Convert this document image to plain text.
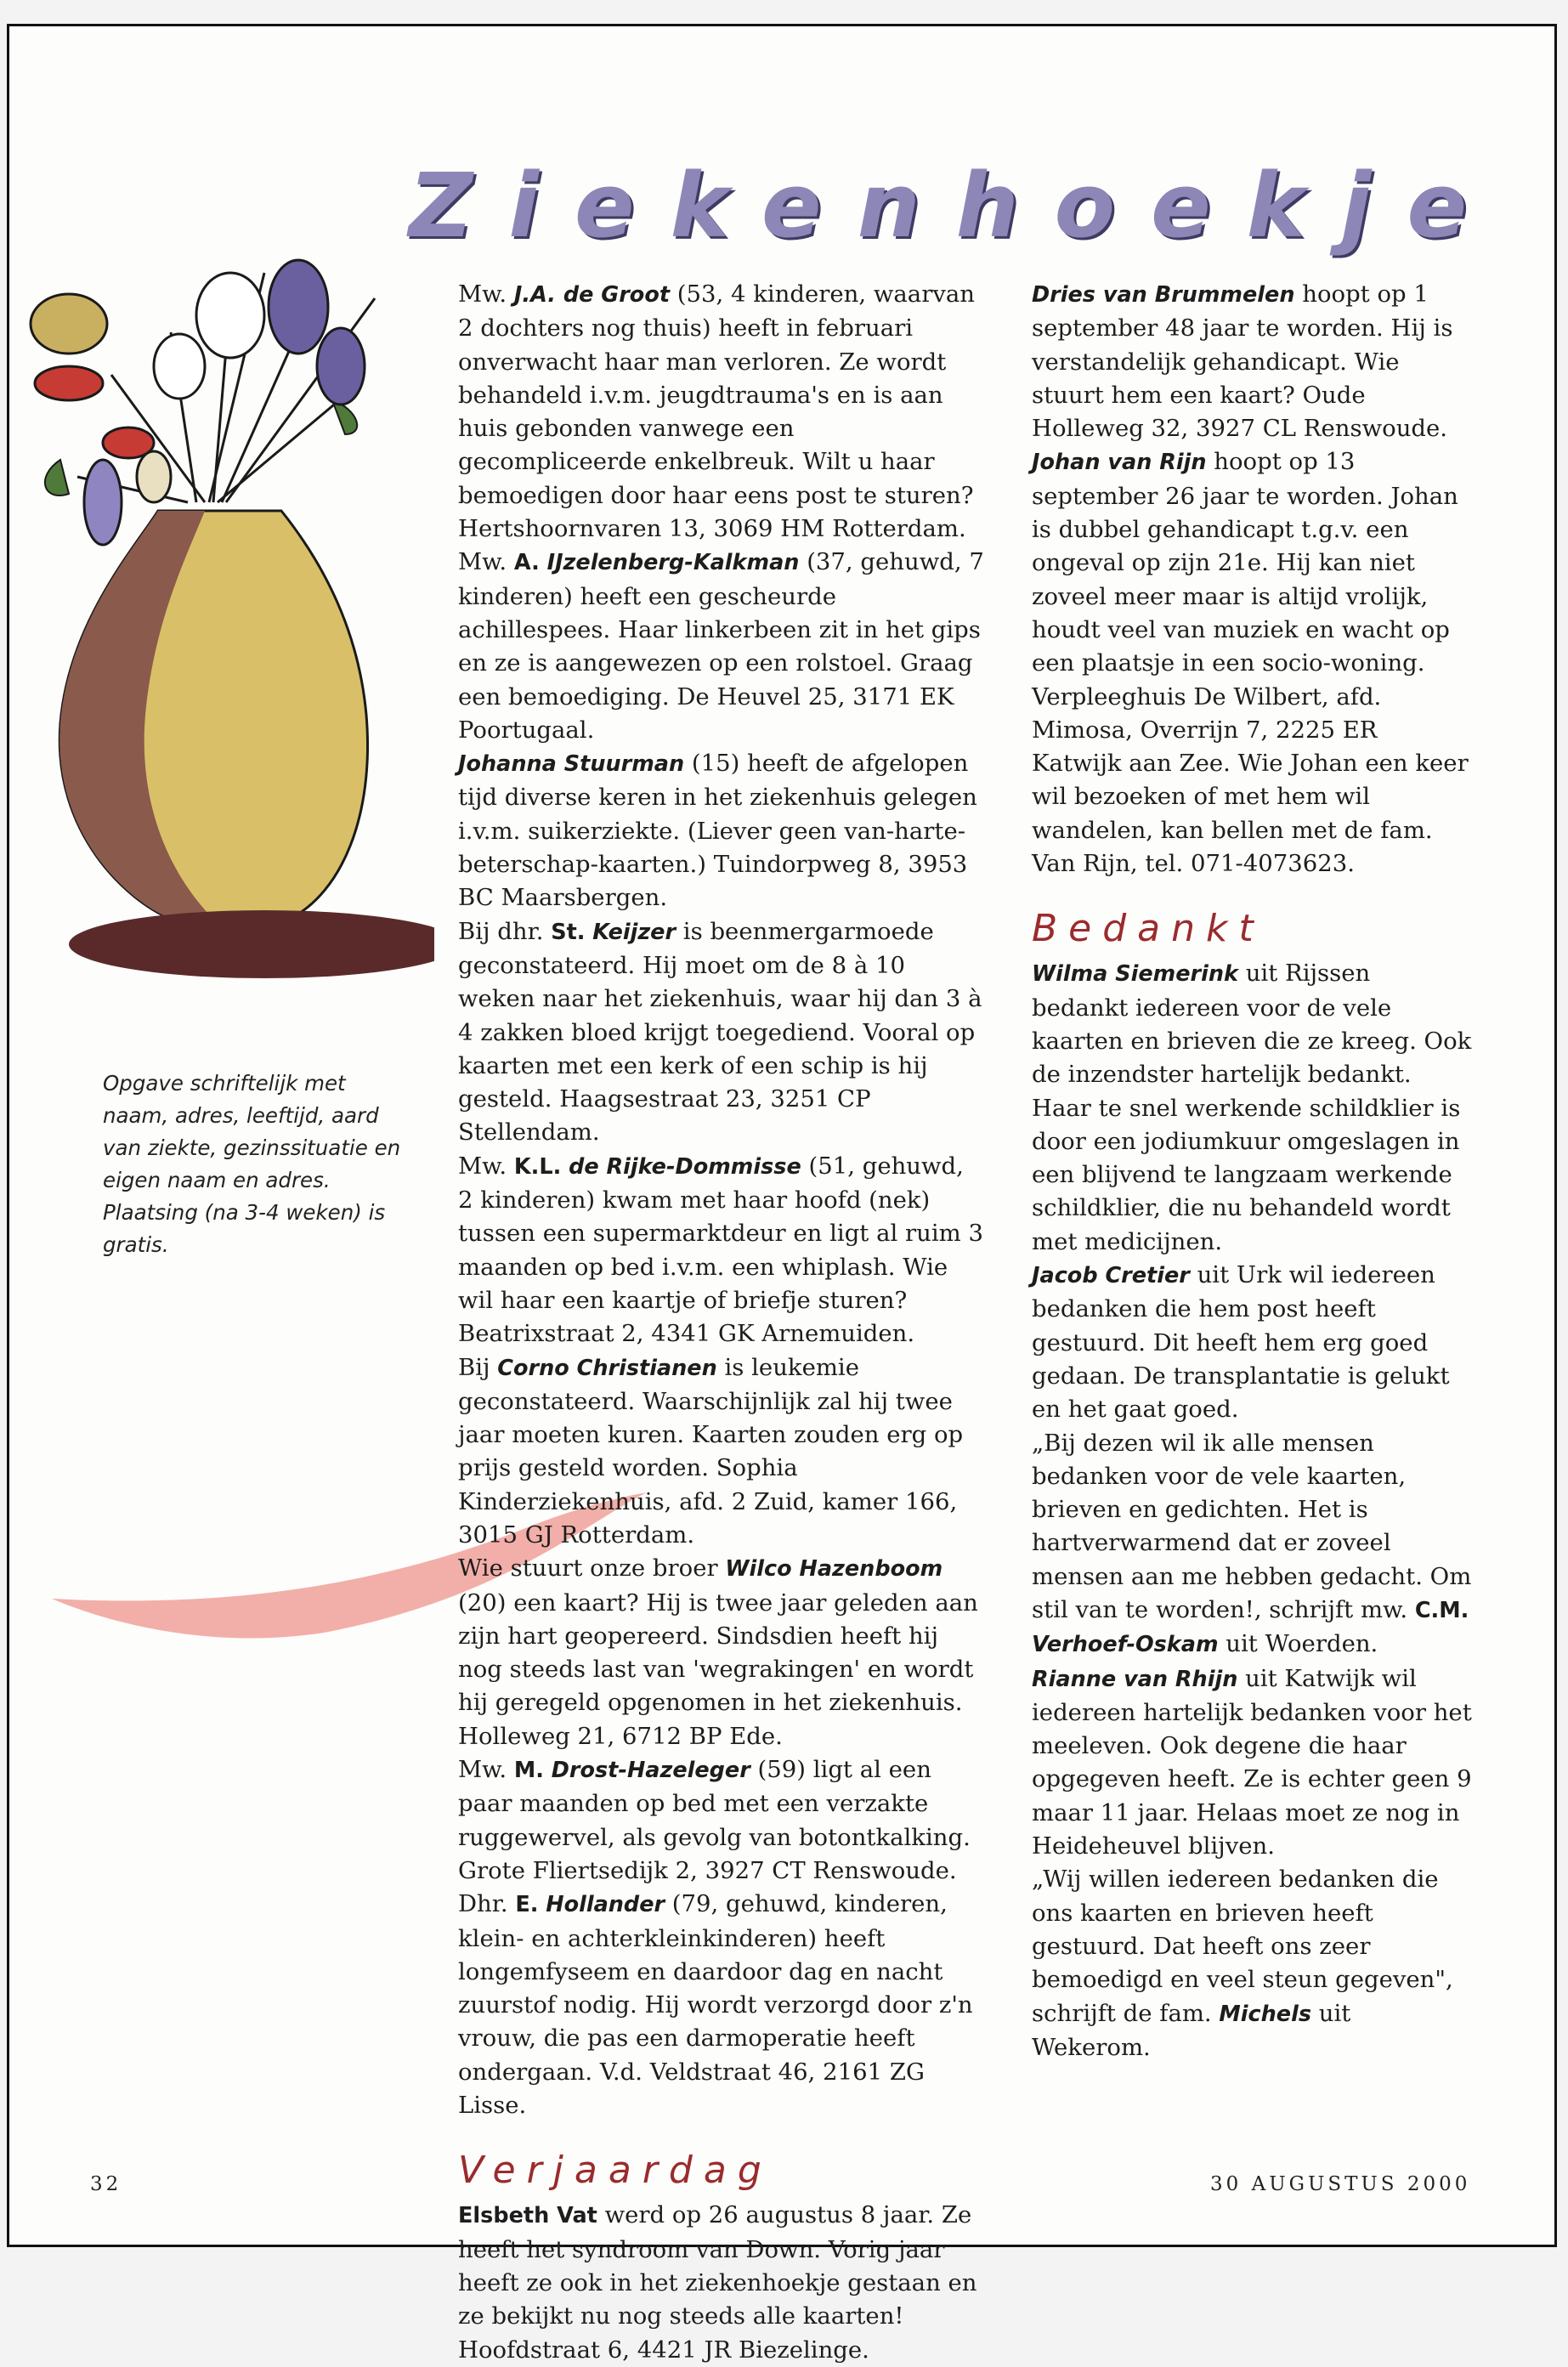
Ziekenhoekje
Opgave schriftelijk met naam, adres, leeftijd, aard van ziekte, gezinssituatie en eigen naam en adres. Plaatsing (na 3-4 weken) is gratis.

Mw. J.A. de Groot (53, 4 kinderen, waarvan 2 dochters nog thuis) heeft in februari onverwacht haar man verloren. Ze wordt behandeld i.v.m. jeugdtrauma's en is aan huis gebonden vanwege een gecompliceerde enkelbreuk. Wilt u haar bemoedigen door haar eens post te sturen? Hertshoornvaren 13, 3069 HM Rotterdam.

Mw. A. IJzelenberg-Kalkman (37, gehuwd, 7 kinderen) heeft een gescheurde achillespees. Haar linkerbeen zit in het gips en ze is aangewezen op een rolstoel. Graag een bemoediging. De Heuvel 25, 3171 EK Poortugaal.

Johanna Stuurman (15) heeft de afgelopen tijd diverse keren in het ziekenhuis gelegen i.v.m. suikerziekte. (Liever geen van-harte-beterschap-kaarten.) Tuindorpweg 8, 3953 BC Maarsbergen.

Bij dhr. St. Keijzer is beenmergarmoede geconstateerd. Hij moet om de 8 à 10 weken naar het ziekenhuis, waar hij dan 3 à 4 zakken bloed krijgt toegediend. Vooral op kaarten met een kerk of een schip is hij gesteld. Haagsestraat 23, 3251 CP Stellendam.

Mw. K.L. de Rijke-Dommisse (51, gehuwd, 2 kinderen) kwam met haar hoofd (nek) tussen een supermarktdeur en ligt al ruim 3 maanden op bed i.v.m. een whiplash. Wie wil haar een kaartje of briefje sturen? Beatrixstraat 2, 4341 GK Arnemuiden.

Bij Corno Christianen is leukemie geconstateerd. Waarschijnlijk zal hij twee jaar moeten kuren. Kaarten zouden erg op prijs gesteld worden. Sophia Kinderziekenhuis, afd. 2 Zuid, kamer 166, 3015 GJ Rotterdam.

Wie stuurt onze broer Wilco Hazenboom (20) een kaart? Hij is twee jaar geleden aan zijn hart geopereerd. Sindsdien heeft hij nog steeds last van 'wegrakingen' en wordt hij geregeld opgenomen in het ziekenhuis. Holleweg 21, 6712 BP Ede.

Mw. M. Drost-Hazeleger (59) ligt al een paar maanden op bed met een verzakte ruggewervel, als gevolg van botontkalking. Grote Fliertsedijk 2, 3927 CT Renswoude.

Dhr. E. Hollander (79, gehuwd, kinderen, klein- en achterkleinkinderen) heeft longemfyseem en daardoor dag en nacht zuurstof nodig. Hij wordt verzorgd door z'n vrouw, die pas een darmoperatie heeft ondergaan. V.d. Veldstraat 46, 2161 ZG Lisse.

Verjaardag

Elsbeth Vat werd op 26 augustus 8 jaar. Ze heeft het syndroom van Down. Vorig jaar heeft ze ook in het ziekenhoekje gestaan en ze bekijkt nu nog steeds alle kaarten! Hoofdstraat 6, 4421 JR Biezelinge.

Dries van Brummelen hoopt op 1 september 48 jaar te worden. Hij is verstandelijk gehandicapt. Wie stuurt hem een kaart? Oude Holleweg 32, 3927 CL Renswoude.

Johan van Rijn hoopt op 13 september 26 jaar te worden. Johan is dubbel gehandicapt t.g.v. een ongeval op zijn 21e. Hij kan niet zoveel meer maar is altijd vrolijk, houdt veel van muziek en wacht op een plaatsje in een socio-woning. Verpleeghuis De Wilbert, afd. Mimosa, Overrijn 7, 2225 ER Katwijk aan Zee. Wie Johan een keer wil bezoeken of met hem wil wandelen, kan bellen met de fam. Van Rijn, tel. 071-4073623.

Bedankt

Wilma Siemerink uit Rijssen bedankt iedereen voor de vele kaarten en brieven die ze kreeg. Ook de inzendster hartelijk bedankt. Haar te snel werkende schildklier is door een jodiumkuur omgeslagen in een blijvend te langzaam werkende schildklier, die nu behandeld wordt met medicijnen.

Jacob Cretier uit Urk wil iedereen bedanken die hem post heeft gestuurd. Dit heeft hem erg goed gedaan. De transplantatie is gelukt en het gaat goed.

„Bij dezen wil ik alle mensen bedanken voor de vele kaarten, brieven en gedichten. Het is hartverwarmend dat er zoveel mensen aan me hebben gedacht. Om stil van te worden!, schrijft mw. C.M. Verhoef-Oskam uit Woerden.

Rianne van Rhijn uit Katwijk wil iedereen hartelijk bedanken voor het meeleven. Ook degene die haar opgegeven heeft. Ze is echter geen 9 maar 11 jaar. Helaas moet ze nog in Heideheuvel blijven.

„Wij willen iedereen bedanken die ons kaarten en brieven heeft gestuurd. Dat heeft ons zeer bemoedigd en veel steun gegeven", schrijft de fam. Michels uit Wekerom.

32	30 AUGUSTUS 2000
